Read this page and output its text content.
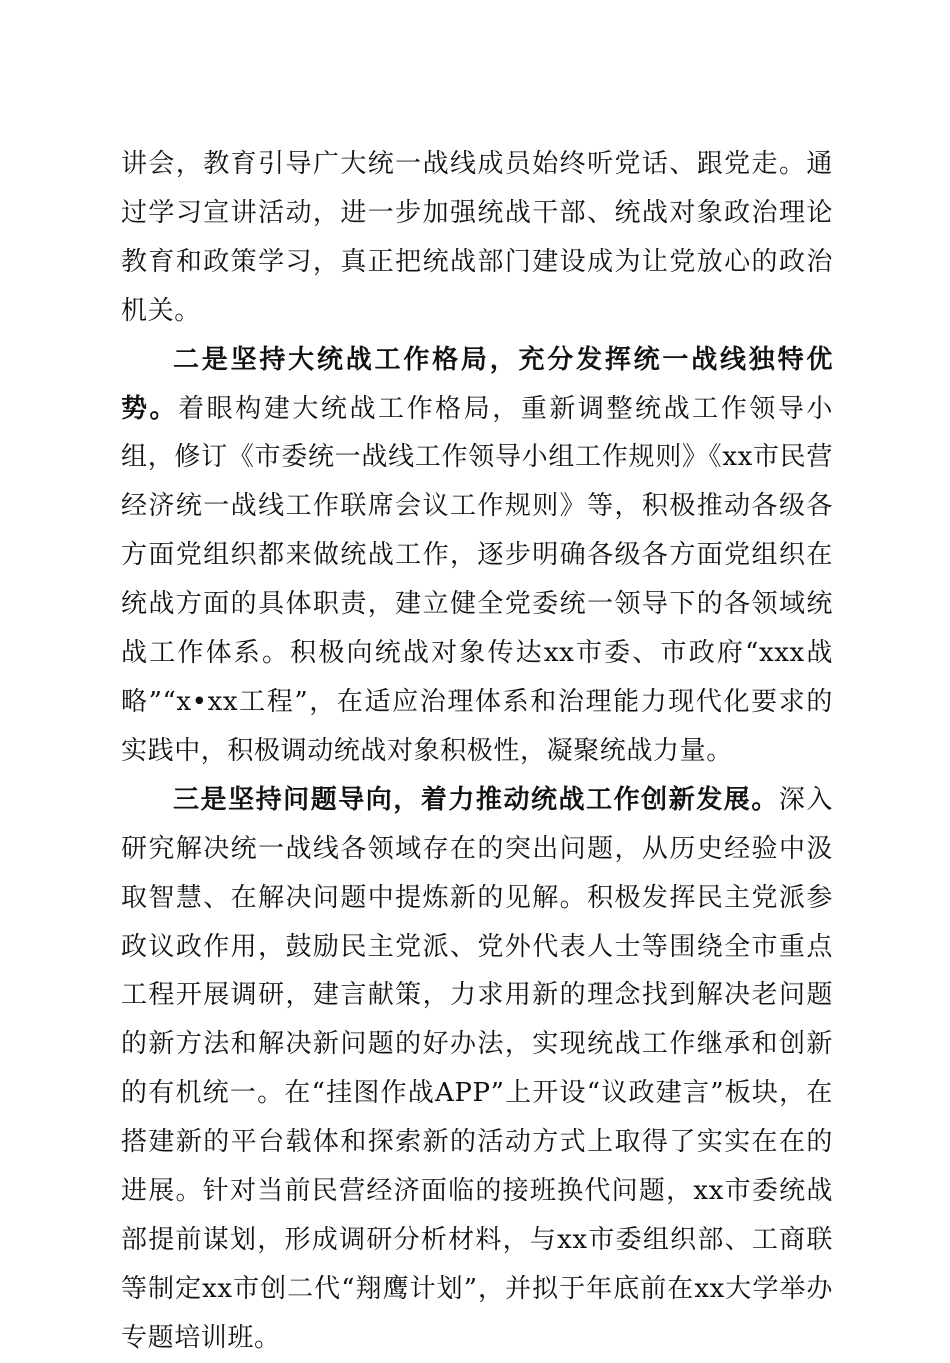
讲会，教育引导广大统一战线成员始终听党话、跟党走。通过学习宣讲活动，进一步加强统战干部、统战对象政治理论教育和政策学习，真正把统战部门建设成为让党放心的政治机关。

二是坚持大统战工作格局，充分发挥统一战线独特优势。着眼构建大统战工作格局，重新调整统战工作领导小组，修订《市委统一战线工作领导小组工作规则》《xx市民营经济统一战线工作联席会议工作规则》等，积极推动各级各方面党组织都来做统战工作，逐步明确各级各方面党组织在统战方面的具体职责，建立健全党委统一领导下的各领域统战工作体系。积极向统战对象传达xx市委、市政府“xxx战略”“x•xx工程”，在适应治理体系和治理能力现代化要求的实践中，积极调动统战对象积极性，凝聚统战力量。

三是坚持问题导向，着力推动统战工作创新发展。深入研究解决统一战线各领域存在的突出问题，从历史经验中汲取智慧、在解决问题中提炼新的见解。积极发挥民主党派参政议政作用，鼓励民主党派、党外代表人士等围绕全市重点工程开展调研，建言献策，力求用新的理念找到解决老问题的新方法和解决新问题的好办法，实现统战工作继承和创新的有机统一。在“挂图作战APP”上开设“议政建言”板块，在搭建新的平台载体和探索新的活动方式上取得了实实在在的进展。针对当前民营经济面临的接班换代问题，xx市委统战部提前谋划，形成调研分析材料，与xx市委组织部、工商联等制定xx市创二代“翔鹰计划”，并拟于年底前在xx大学举办专题培训班。
